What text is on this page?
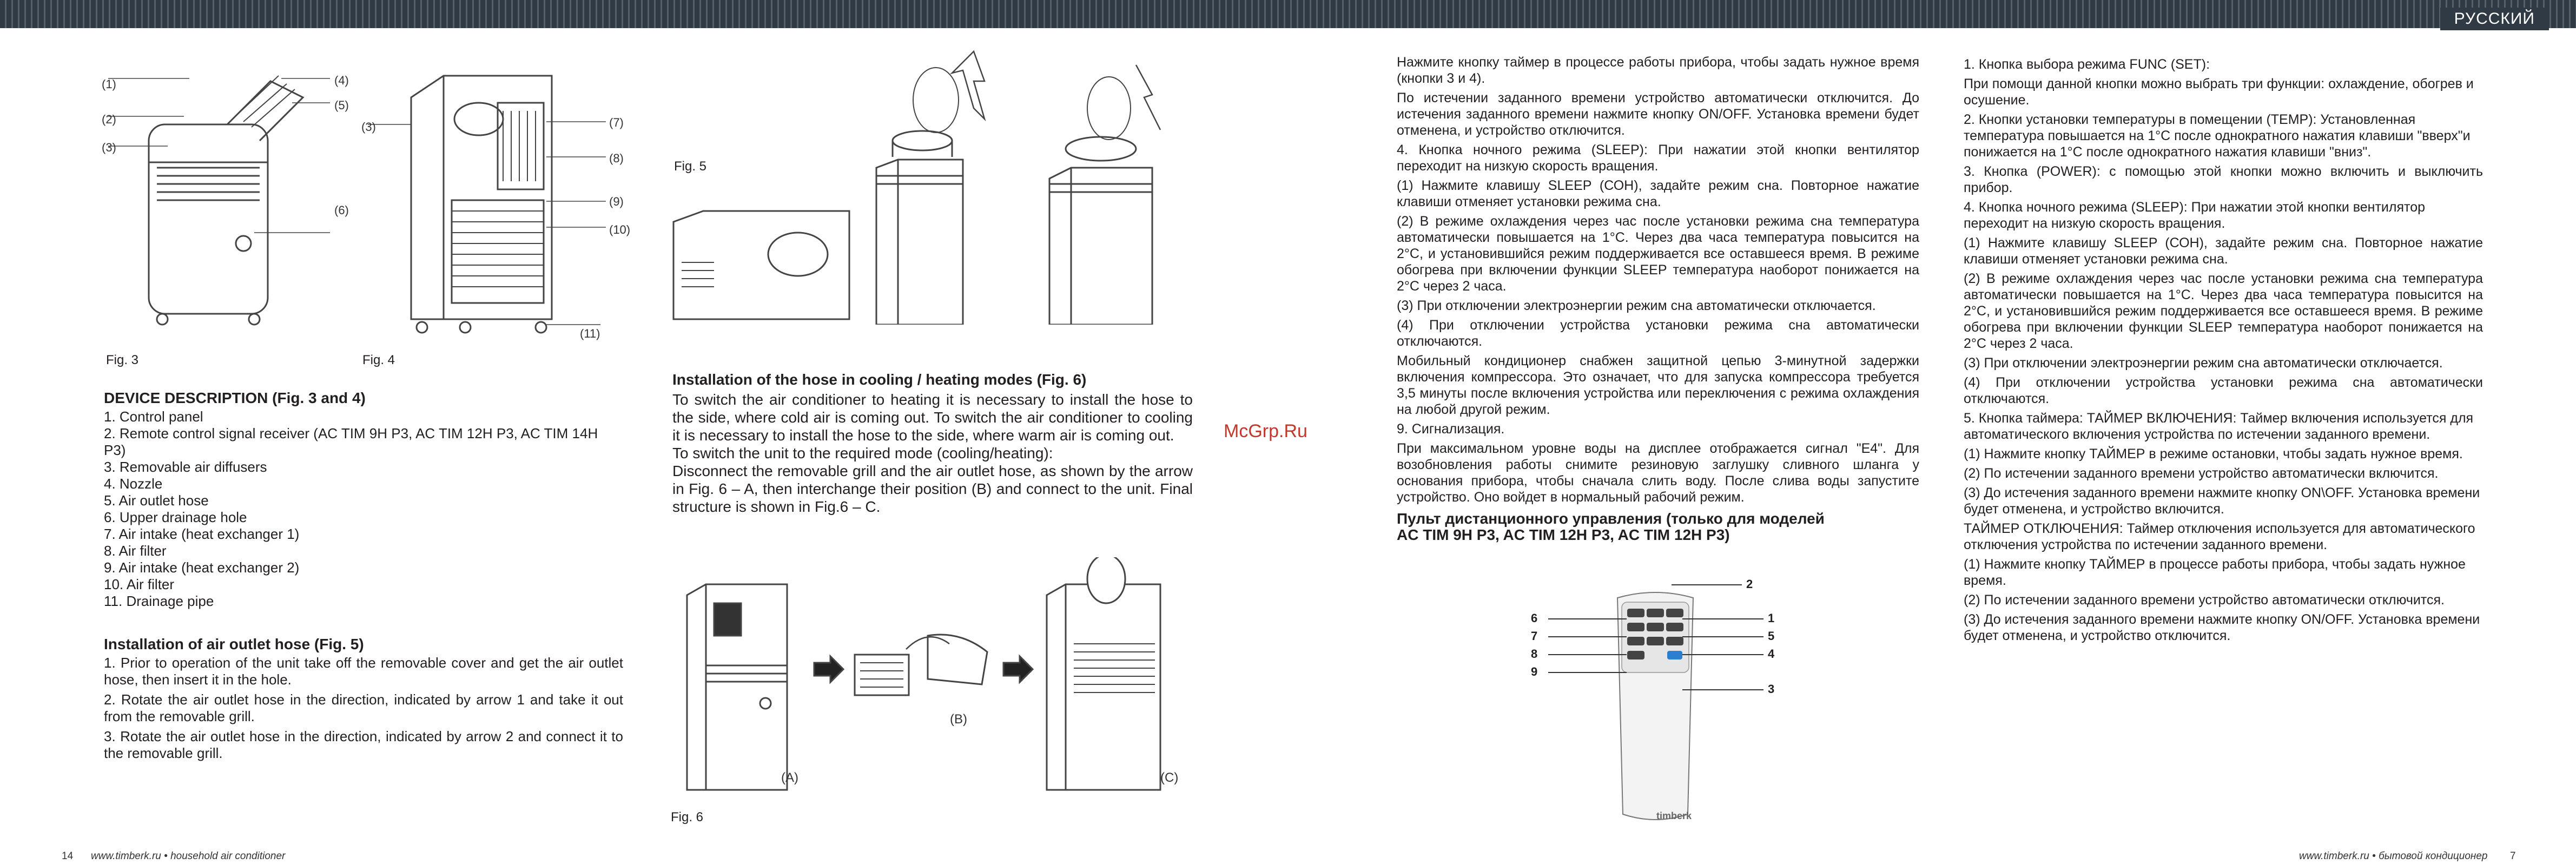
РУССКИЙ
(1)
(2)
(3)
(4)
(5)
(6)
(3)	(7)
(8)
(9)
(10)
(11)
Fig. 3	Fig. 4
DEVICE DESCRIPTION (Fig. 3 and 4)

1. Control panel

2. Remote control signal receiver (AC TIM 9H P3, AC TIM 12H P3, AC TIM 14H P3)

3. Removable air diffusers

4. Nozzle

5. Air outlet hose

6. Upper drainage hole

7. Air intake (heat exchanger 1)

8. Air filter

9. Air intake (heat exchanger 2)

10. Air filter

11. Drainage pipe

Installation of air outlet hose (Fig. 5)

1. Prior to operation of the unit take off the removable cover and get the air outlet hose, then insert it in the hole.

2. Rotate the air outlet hose in the direction, indicated by arrow 1 and take it out from the removable grill.

3. Rotate the air outlet hose in the direction, indicated by arrow 2 and connect it to the removable grill.

14 www.timberk.ru • household air conditioner
Fig. 5
Installation of the hose in cooling / heating modes (Fig. 6)

To switch the air conditioner to heating it is necessary to install the hose to the side, where cold air is coming out. To switch the air conditioner to cooling it is necessary to install the hose to the side, where warm air is coming out.

To switch the unit to the required mode (cooling/heating):

Disconnect the removable grill and the air outlet hose, as shown by the arrow in Fig. 6 – A, then interchange their position (B) and connect to the unit. Final structure is shown in Fig.6 – C.

(A)
(B)
(C)
Fig. 6
McGrp.Ru

Нажмите кнопку таймер в процессе работы прибора, чтобы задать нужное время (кнопки 3 и 4).

По истечении заданного времени устройство автоматически отключится. До истечения заданного времени нажмите кнопку ON/OFF. Установка времени будет отменена, и устройство отключится.

4. Кнопка ночного режима (SLEEP): При нажатии этой кнопки вентилятор переходит на низкую скорость вращения.

(1) Нажмите клавишу SLEEP (СОН), задайте режим сна. Повторное нажатие клавиши отменяет установки режима сна.

(2) В режиме охлаждения через час после установки режима сна температура автоматически повышается на 1°С. Через два часа температура повысится на 2°С, и установившийся режим поддерживается все оставшееся время. В режиме обогрева при включении функции SLEEP температура наоборот понижается на 2°С через 2 часа.

(3) При отключении электроэнергии режим сна автоматически отключается.

(4) При отключении устройства установки режима сна автоматически отключаются.

Мобильный кондиционер снабжен защитной цепью 3-минутной задержки включения компрессора. Это означает, что для запуска компрессора требуется 3,5 минуты после включения устройства или переключения с режима охлаждения на любой другой режим.

9. Сигнализация.

При максимальном уровне воды на дисплее отображается сигнал "E4". Для возобновления работы снимите резиновую заглушку сливного шланга у основания прибора, чтобы сначала слить воду. После слива воды запустите устройство. Оно войдет в нормальный рабочий режим.

Пульт дистанционного управления (только для моделей
AC TIM 9H P3, AC TIM 12H P3, AC TIM 12H P3)
timberk
6
7
8
9
2
1
5
4
3

1. Кнопка выбора режима FUNC (SET):

При помощи данной кнопки можно выбрать три функции: охлаждение, обогрев и осушение.

2. Кнопки установки температуры в помещении (TEMP): Установленная температура повышается на 1°С после однократного нажатия клавиши "вверх"и понижается на 1°С после однократного нажатия клавиши "вниз".

3. Кнопка (POWER): с помощью этой кнопки можно включить и выключить прибор.

4. Кнопка ночного режима (SLEEP): При нажатии этой кнопки вентилятор переходит на низкую скорость вращения.

(1) Нажмите клавишу SLEEP (СОН), задайте режим сна. Повторное нажатие клавиши отменяет установки режима сна.

(2) В режиме охлаждения через час после установки режима сна температура автоматически повышается на 1°С. Через два часа температура повысится на 2°С, и установившийся режим поддерживается все оставшееся время. В режиме обогрева при включении функции SLEEP температура наоборот понижается на 2°С через 2 часа.

(3) При отключении электроэнергии режим сна автоматически отключается.

(4) При отключении устройства установки режима сна автоматически отключаются.

5. Кнопка таймера: ТАЙМЕР ВКЛЮЧЕНИЯ: Таймер включения используется для автоматического включения устройства по истечении заданного времени.

(1) Нажмите кнопку ТАЙМЕР в режиме остановки, чтобы задать нужное время.

(2) По истечении заданного времени устройство автоматически включится.

(3) До истечения заданного времени нажмите кнопку ON\OFF. Установка времени будет отменена, и устройство включится.

ТАЙМЕР ОТКЛЮЧЕНИЯ: Таймер отключения используется для автоматического отключения устройства по истечении заданного времени.

(1) Нажмите кнопку ТАЙМЕР в процессе работы прибора, чтобы задать нужное время.

(2) По истечении заданного времени устройство автоматически отключится.

(3) До истечения заданного времени нажмите кнопку ON/OFF. Установка времени будет отменена, и устройство отключится.

www.timberk.ru • бытовой кондиционер 7
